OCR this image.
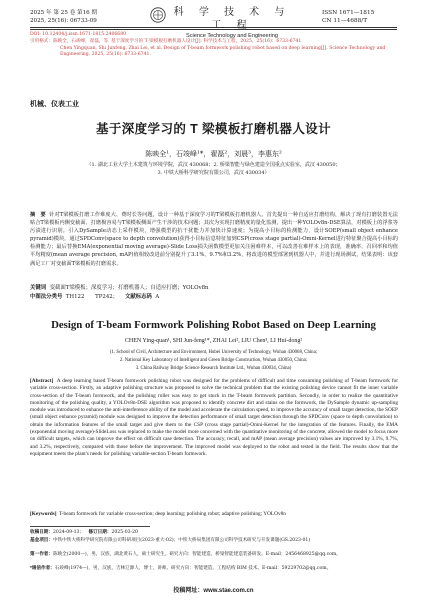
2025 年 第 25 卷 第16 期
2025, 25(16): 06733-09
科 学 技 术 与 工 程
Science Technology and Engineering
ISSN 1671—1815
CN 11—4688/T
DOI: 10.12404/j.issn.1671-1815.2406680
引用格式：陈映全，石竣峰，翟磊，等. 基于深度学习的 T 梁模板打磨机器人设计[J]. 科学技术与工程，2025，25(16)：6733-6741.
Chen Yingquan, Shi Junfeng, Zhai Lei, et al. Design of T-beam formwork polishing robot based on deep learning[J]. Science Technology and Engineering, 2025, 25(16): 6733-6741.
机械、仪表工业
基于深度学习的 T 梁模板打磨机器人设计
陈映全¹，石竣峰¹*，翟磊²，刘晨³，李惠东²
（1. 湖北工业大学土木建筑与环境学院，武汉 430068；2. 桥梁智能与绿色建造全国重点实验室，武汉 430050；
3. 中铁大桥科学研究院有限公司，武汉 430034）
摘　要 针对T梁模板打磨工作难度大、费时长等问题，设计一种基于深度学习的T梁模板打磨机器人。首先提出一种自适应打磨结构，解决了现有打磨装置无法贴合T梁模板内侧变截面、打磨极容易与T梁模板侧面产生干涉的技术问题；其次为实现打磨精度的量化监测，提出一种YOLOv8n-DSE算法，对模板上的浮浆等污渍进行识别。引入DySample动态上采样模块，增强模型的抗干扰能力并加快计算速度；为提高小目标的检测能力，设计SOEP(small object enhance pyramid)模块，通过SPDConv(space to depth convolution)获得小目标信息特征加到CSP(cross stage partial)-Omni-Kernel进行特征聚合提高小目标的检测能力；最后替换EMA(exponential moving average)-Slide Loss损失函数模型更加关注困难样本，可以改善在难样本上的表现，准确率、召回率和均值平均精度(mean average precision, mAP)值相较改进前分别提升了3.1%、9.7%和3.2%，将改进的模型部署到机器人中，并进行现场测试，结果表明：该套满足工厂对变截面T梁模板的打磨需求。
关键词 变截面T梁模板；深度学习；打磨机器人；自适应打磨；YOLOv8n
中图法分类号 TH122　　TP242； 文献标志码 A
Design of T-beam Formwork Polishing Robot Based on Deep Learning
CHEN Ying-quan¹, SHI Jun-feng¹*, ZHAI Lei², LIU Chen³, LI Hui-dong²
(1. School of Civil, Architecture and Environment, Hubei University of Technology, Wuhan 430068, China;
2. National Key Laboratory of Intelligent and Green Bridge Construction, Wuhan 430050, China;
3. China Railway Bridge Science Research Institute Ltd., Wuhan 430034, China)
[Abstract] A deep learning based T-beam formwork polishing robot was designed for the problems of difficult and time consuming polishing of T-beam formwork for variable cross-section. Firstly, an adaptive polishing structure was proposed to solve the technical problem that the existing polishing device cannot fit the inner variable cross-section of the T-beam formwork, and the polishing roller was easy to get stuck in the T-beam formwork partition. Secondly, in order to realize the quantitative monitoring of the polishing quality, a YOLOv8n-DSE algorithm was proposed to identify concrete dirt and stains on the formwork, the DySample dynamic up-sampling module was introduced to enhance the anti-interference ability of the model and accelerate the calculation speed, to improve the accuracy of small target detection, the SOEP (small object enhance pyramid) module was designed to improve the detection performance of small target detection through the SPDConv (space to depth convolution) to obtain the information features of the small target and give them to the CSP (cross stage partial)-Omni-Kernel for the integration of the features. Finally, the EMA (exponential moving average)-SlideLoss was replaced to make the model more concerned with the quantitative monitoring of the concrete, allowed the model to focus more on difficult targets, which can improve the effect on difficult case detection. The accuracy, recall, and mAP (mean average precision) values are improved by 3.1%, 9.7%, and 3.2%, respectively, compared with those before the improvement. The improved model was deployed to the robot and tested in the field. The results show that the equipment meets the plant's needs for polishing variable-section T-beam formwork.
[Keywords] T-beam formwork for variable cross-section; deep learning; polishing robot; adaptive polishing; YOLOv8n
收稿日期：2024-09-13； 修订日期：2025-03-20
基金项目：中铁中铁大桥科学研究院有限公司科研项目(2023-重大-02)；中铁大桥局集团有限公司科学技术研究与开发课题(GS.2023-01)
第一作者：陈映全(2000—)，男，汉族，湖北黄石人，硕士研究生。研究方向：智能建造、桥梁智能建造装备研发。E-mail：2456468925@qq.com。
*通信作者：石竣峰(1974—)，男，汉族，吉林辽源人，博士，讲师。研究方向：智能建造、工程结构 BIM 技术。E-mail：59229702@qq.com。
投稿网址：www.stae.com.cn
